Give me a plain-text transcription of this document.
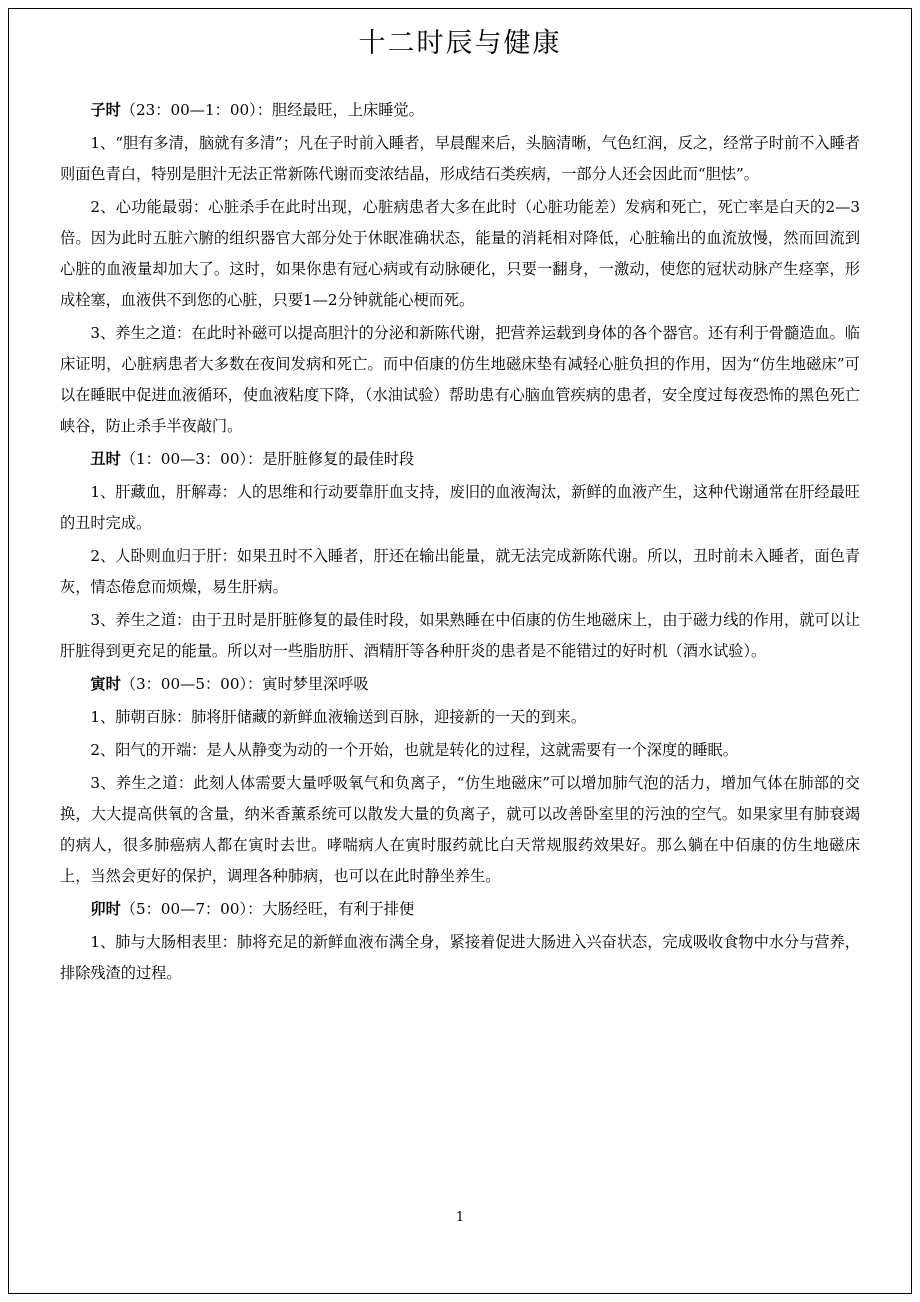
十二时辰与健康

子时（23：00—1：00）：胆经最旺，上床睡觉。

1、“胆有多清，脑就有多清”；凡在子时前入睡者，早晨醒来后，头脑清晰，气色红润，反之，经常子时前不入睡者则面色青白，特别是胆汁无法正常新陈代谢而变浓结晶，形成结石类疾病，一部分人还会因此而“胆怯”。

2、心功能最弱：心脏杀手在此时出现，心脏病患者大多在此时（心脏功能差）发病和死亡，死亡率是白天的2—3倍。因为此时五脏六腑的组织器官大部分处于休眠准确状态，能量的消耗相对降低，心脏输出的血流放慢，然而回流到心脏的血液量却加大了。这时，如果你患有冠心病或有动脉硬化，只要一翻身，一激动，使您的冠状动脉产生痉挛，形成栓塞，血液供不到您的心脏，只要1—2分钟就能心梗而死。

3、养生之道：在此时补磁可以提高胆汁的分泌和新陈代谢，把营养运载到身体的各个器官。还有利于骨髓造血。临床证明，心脏病患者大多数在夜间发病和死亡。而中佰康的仿生地磁床垫有减轻心脏负担的作用，因为“仿生地磁床”可以在睡眠中促进血液循环，使血液粘度下降，（水油试验）帮助患有心脑血管疾病的患者，安全度过每夜恐怖的黑色死亡峡谷，防止杀手半夜敲门。

丑时（1：00—3：00）：是肝脏修复的最佳时段

1、肝藏血，肝解毒：人的思维和行动要靠肝血支持，废旧的血液淘汰，新鲜的血液产生，这种代谢通常在肝经最旺的丑时完成。

2、人卧则血归于肝：如果丑时不入睡者，肝还在输出能量，就无法完成新陈代谢。所以，丑时前未入睡者，面色青灰，情态倦怠而烦燥，易生肝病。

3、养生之道：由于丑时是肝脏修复的最佳时段，如果熟睡在中佰康的仿生地磁床上，由于磁力线的作用，就可以让肝脏得到更充足的能量。所以对一些脂肪肝、酒精肝等各种肝炎的患者是不能错过的好时机（酒水试验）。

寅时（3：00—5：00）：寅时梦里深呼吸

1、肺朝百脉：肺将肝储藏的新鲜血液输送到百脉，迎接新的一天的到来。

2、阳气的开端：是人从静变为动的一个开始，也就是转化的过程，这就需要有一个深度的睡眠。

3、养生之道：此刻人体需要大量呼吸氧气和负离子，“仿生地磁床”可以增加肺气泡的活力，增加气体在肺部的交换，大大提高供氧的含量，纳米香薰系统可以散发大量的负离子，就可以改善卧室里的污浊的空气。如果家里有肺衰竭的病人，很多肺癌病人都在寅时去世。哮喘病人在寅时服药就比白天常规服药效果好。那么躺在中佰康的仿生地磁床上，当然会更好的保护，调理各种肺病，也可以在此时静坐养生。

卯时（5：00—7：00）：大肠经旺，有利于排便

1、肺与大肠相表里：肺将充足的新鲜血液布满全身，紧接着促进大肠进入兴奋状态，完成吸收食物中水分与营养，排除残渣的过程。

1
